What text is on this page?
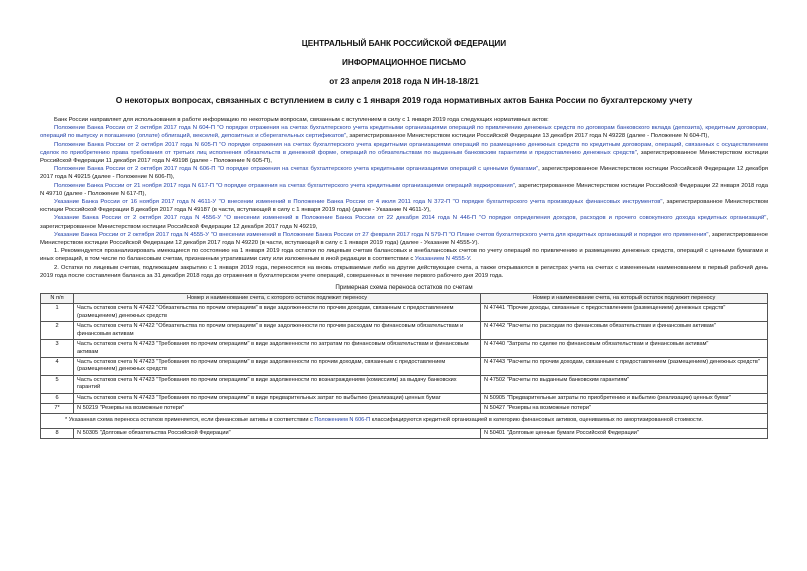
ЦЕНТРАЛЬНЫЙ БАНК РОССИЙСКОЙ ФЕДЕРАЦИИ
ИНФОРМАЦИОННОЕ ПИСЬМО
от 23 апреля 2018 года N ИН-18-18/21
О некоторых вопросах, связанных с вступлением в силу с 1 января 2019 года нормативных актов Банка России по бухгалтерскому учету
Банк России направляет для использования в работе информацию по некоторым вопросам, связанным с вступлением в силу с 1 января 2019 года следующих нормативных актов:
Положение Банка России от 2 октября 2017 года N 604-П "О порядке отражения на счетах бухгалтерского учета кредитными организациями операций по привлечению денежных средств по договорам банковского вклада (депозита), кредитным договорам, операций по выпуску и погашению (оплате) облигаций, векселей, депозитных и сберегательных сертификатов", зарегистрированное Министерством юстиции Российской Федерации 13 декабря 2017 года N 49228 (далее - Положение N 604-П),
Положение Банка России от 2 октября 2017 года N 605-П "О порядке отражения на счетах бухгалтерского учета кредитными организациями операций по размещению денежных средств по кредитным договорам, операций, связанных с осуществлением сделок по приобретению права требования от третьих лиц исполнения обязательств в денежной форме, операций по обязательствам по выданным банковским гарантиям и предоставлению денежных средств", зарегистрированное Министерством юстиции Российской Федерации 11 декабря 2017 года N 49198 (далее - Положение N 605-П),
Положение Банка России от 2 октября 2017 года N 606-П "О порядке отражения на счетах бухгалтерского учета кредитными организациями операций с ценными бумагами", зарегистрированное Министерством юстиции Российской Федерации 12 декабря 2017 года N 49215 (далее - Положение N 606-П),
Положение Банка России от 21 ноября 2017 года N 617-П "О порядке отражения на счетах бухгалтерского учета кредитными организациями операций хеджирования", зарегистрированное Министерством юстиции Российской Федерации 22 января 2018 года N 49710 (далее - Положение N 617-П),
Указание Банка России от 16 ноября 2017 года N 4611-У "О внесении изменений в Положение Банка России от 4 июля 2011 года N 372-П "О порядке бухгалтерского учета производных финансовых инструментов", зарегистрированное Министерством юстиции Российской Федерации 8 декабря 2017 года N 49187 (в части, вступающей в силу с 1 января 2019 года) (далее - Указание N 4611-У),
Указание Банка России от 2 октября 2017 года N 4556-У "О внесении изменений в Положение Банка России от 22 декабря 2014 года N 446-П "О порядке определения доходов, расходов и прочего совокупного дохода кредитных организаций", зарегистрированное Министерством юстиции Российской Федерации 12 декабря 2017 года N 49219,
Указание Банка России от 2 октября 2017 года N 4555-У "О внесении изменений в Положение Банка России от 27 февраля 2017 года N 579-П "О Плане счетов бухгалтерского учета для кредитных организаций и порядке его применения", зарегистрированное Министерством юстиции Российской Федерации 12 декабря 2017 года N 49220 (в части, вступающей в силу с 1 января 2019 года) (далее - Указание N 4555-У).
1. Рекомендуется проанализировать имеющиеся по состоянию на 1 января 2019 года остатки по лицевым счетам балансовых и внебалансовых счетов по учету операций по привлечению и размещению денежных средств, операций с ценными бумагами и иных операций, в том числе по балансовым счетам, признанным утратившими силу или изложенным в иной редакции в соответствии с Указанием N 4555-У.
2. Остатки по лицевым счетам, подлежащим закрытию с 1 января 2019 года, переносятся на вновь открываемые либо на другие действующие счета, а также открываются в регистрах учета на счетах с измененным наименованием в первый рабочий день 2019 года после составления баланса за 31 декабря 2018 года до отражения в бухгалтерском учете операций, совершенных в течение первого рабочего дня 2019 года.
Примерная схема переноса остатков по счетам
N п/п	Номер и наименование счета, с которого остаток подлежит переносу	Номер и наименование счета, на который остаток подлежит переносу
1	Часть остатков счета N 47422 "Обязательства по прочим операциям" в виде задолженности по прочим доходам, связанным с предоставлением (размещением) денежных средств	N 47441 "Прочие доходы, связанные с предоставлением (размещением) денежных средств"
2	Часть остатков счета N 47422 "Обязательства по прочим операциям" в виде задолженности по прочим расходам по финансовым обязательствам и финансовым активам	N 47442 "Расчеты по расходам по финансовым обязательствам и финансовым активам"
3	Часть остатков счета N 47423 "Требования по прочим операциям" в виде задолженности по затратам по финансовым обязательствам и финансовым активам	N 47440 "Затраты по сделке по финансовым обязательствам и финансовым активам"
4	Часть остатков счета N 47423 "Требования по прочим операциям" в виде задолженности по прочим доходам, связанным с предоставлением (размещением) денежных средств	N 47443 "Расчеты по прочим доходам, связанным с предоставлением (размещением) денежных средств"
5	Часть остатков счета N 47423 "Требования по прочим операциям" в виде задолженности по вознаграждениям (комиссиям) за выдачу банковских гарантий	N 47502 "Расчеты по выданным банковским гарантиям"
6	Часть остатков счета N 47423 "Требования по прочим операциям" в виде предварительных затрат по выбытию (реализации) ценных бумаг	N 50905 "Предварительные затраты по приобретению и выбытию (реализации) ценных бумаг"
7*	N 50219 "Резервы на возможные потери"	N 50427 "Резервы на возможные потери"

* Указанная схема переноса остатков применяется, если финансовые активы в соответствии с Положением N 606-П классифицируются кредитной организацией в категорию финансовых активов, оцениваемых по амортизированной стоимости.		

8	N 50305 "Долговые обязательства Российской Федерации"	N 50401 "Долговые ценные бумаги Российской Федерации"
